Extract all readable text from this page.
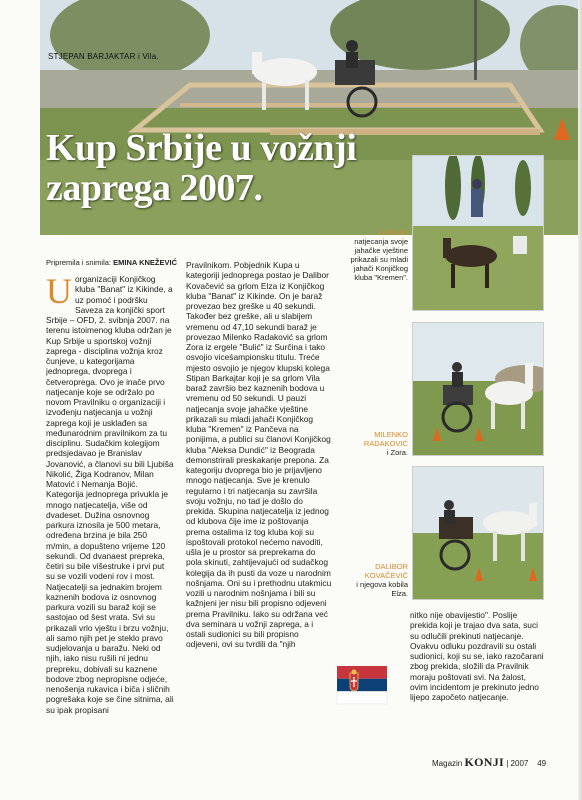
STJEPAN BARJAKTAR i Vila.
Kup Srbije u vožnji
zaprega 2007.
U PAUZI
natjecanja svoje jahačke vještine prikazali su mladi jahači Konjičkog kluba "Kremen".
MILENKO RADAKOVIĆ
i Zora.
DALIBOR KOVAČEVIĆ
i njegova kobila Elza.
Pripremila i snimila: EMINA KNEŽEVIĆ
U organizaciji Konjičkog kluba "Banat" iz Kikinde, a uz pomoć i podršku Saveza za konjički sport Srbije – OFD, 2. svibnja 2007. na terenu istoimenog kluba održan je Kup Srbije u sportskoj vožnji zaprega - disciplina vožnja kroz čunjeve, u kategorijama jednoprega, dvoprega i četveroprega. Ovo je inače prvo natjecanje koje se održalo po novom Pravilniku o organizaciji i izvođenju natjecanja u vožnji zaprega koji je usklađen sa međunarodnim pravilnikom za tu disciplinu. Sudačkim kolegijom predsjedavao je Branislav Jovanović, a članovi su bili Ljubiša Nikolić, Žiga Kodranov, Milan Matović i Nemanja Bojić. Kategorija jednoprega privukla je mnogo natjecatelja, više od dvadeset. Dužina osnovnog parkura iznosila je 500 metara, određena brzina je bila 250 m/min, a dopušteno vrijeme 120 sekundi. Od dvanaest prepreka, četiri su bile višestruke i prvi put su se vozili vodeni rov i most. Natjecatelji sa jednakim brojem kaznenih bodova iz osnovnog parkura vozili su baraž koji se sastojao od šest vrata. Svi su prikazali vrlo vještu i brzu vožnju, ali samo njih pet je steklo pravo sudjelovanja u baražu. Neki od njih, iako nisu rušili ni jednu prepreku, dobivali su kaznene bodove zbog nepropisne odjeće, nenošenja rukavica i biča i sličnih pogrešaka koje se čine sitnima, ali su ipak propisani

Pravilnikom. Pobjednik Kupa u kategoriji jednoprega postao je Dalibor Kovačević sa grlom Elza iz Konjičkog kluba "Banat" iz Kikinde. On je baraž provezao bez greške u 40 sekundi. Također bez greške, ali u slabijem vremenu od 47,10 sekundi baraž je provezao Milenko Radaković sa grlom Zora iz ergele "Bulić" iz Surčina i tako osvojio viceśampionsku titulu. Treće mjesto osvojio je njegov klupski kolega Stipan Barkajtar koji je sa grlom Vila baraž završio bez kaznenih bodova u vremenu od 50 sekundi. U pauzi natjecanja svoje jahačke vještine prikazali su mladi jahači Konjičkog kluba "Kremen" iz Pančeva na ponijima, a publici su članovi Konjičkog kluba "Aleksa Dundić" iz Beograda demonstrirali preskakanje prepona. Za kategoriju dvoprega bio je prijavljeno mnogo natjecanja. Sve je krenulo regularno i tri natjecanja su završila svoju vožnju, no tad je došlo do prekida. Skupina natjecatelja iz jednog od klubova čije ime iz poštovanja prema ostalima iz tog kluba koji su ispoštovali protokol nećemo navoditi, ušla je u prostor sa preprekama do pola skinuti, zahtijevajući od sudačkog kolegija da ih pusti da voze u narodnim nošnjama. Oni su i prethodnu utakmicu vozili u narodnim nošnjama i bili su kažnjeni jer nisu bili propisno odjeveni prema Pravilniku. Iako su održana već dva seminara u vožnji zaprega, a i ostali sudionici su bili propisno odjeveni, ovi su tvrdili da "njih

nitko nije obavijestio". Poslije prekida koji je trajao dva sata, suci su odlučili prekinuti natjecanje. Ovakvu odluku pozdravili su ostali sudionici, koji su se, iako razočarani zbog prekida, složili da Pravilnik moraju poštovati svi. Na žalost, ovim incidentom je prekinuto jedno lijepo započeto natjecanje.

Magazin KONJI | 2007 49
